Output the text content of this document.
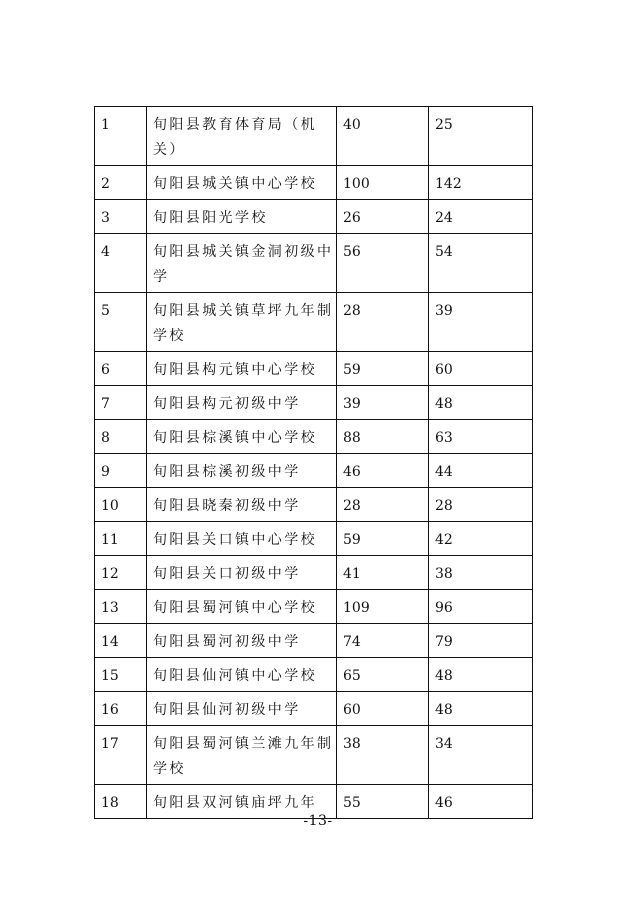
1	旬阳县教育体育局（机关）	40	25
2	旬阳县城关镇中心学校	100	142
3	旬阳县阳光学校	26	24
4	旬阳县城关镇金洞初级中学	56	54
5	旬阳县城关镇草坪九年制学校	28	39
6	旬阳县构元镇中心学校	59	60
7	旬阳县构元初级中学	39	48
8	旬阳县棕溪镇中心学校	88	63
9	旬阳县棕溪初级中学	46	44
10	旬阳县晓秦初级中学	28	28
11	旬阳县关口镇中心学校	59	42
12	旬阳县关口初级中学	41	38
13	旬阳县蜀河镇中心学校	109	96
14	旬阳县蜀河初级中学	74	79
15	旬阳县仙河镇中心学校	65	48
16	旬阳县仙河初级中学	60	48
17	旬阳县蜀河镇兰滩九年制学校	38	34
18	旬阳县双河镇庙坪九年	55	46
-13-
